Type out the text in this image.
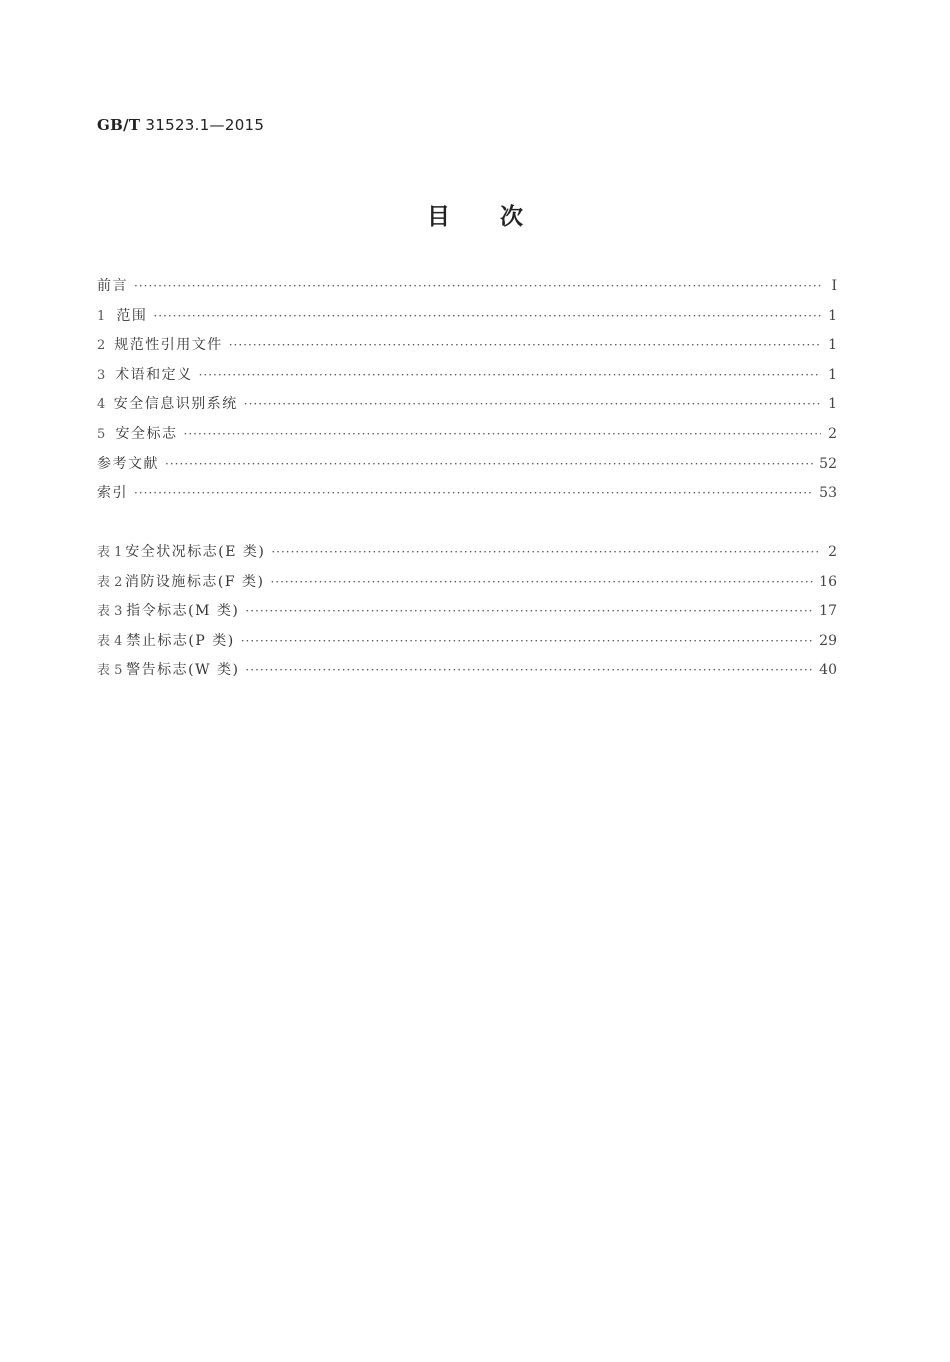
GB/T 31523.1—2015
目 次
前言 ·····	Ⅰ
1 范围 ·····	1
2 规范性引用文件 ·····	1
3 术语和定义 ·····	1
4 安全信息识别系统 ·····	1
5 安全标志 ·····	2
参考文献 ·····	52
索引 ·····	53
表 1 安全状况标志(E 类) ·····	2
表 2 消防设施标志(F 类) ·····	16
表 3 指令标志(M 类) ·····	17
表 4 禁止标志(P 类) ·····	29
表 5 警告标志(W 类) ·····	40
